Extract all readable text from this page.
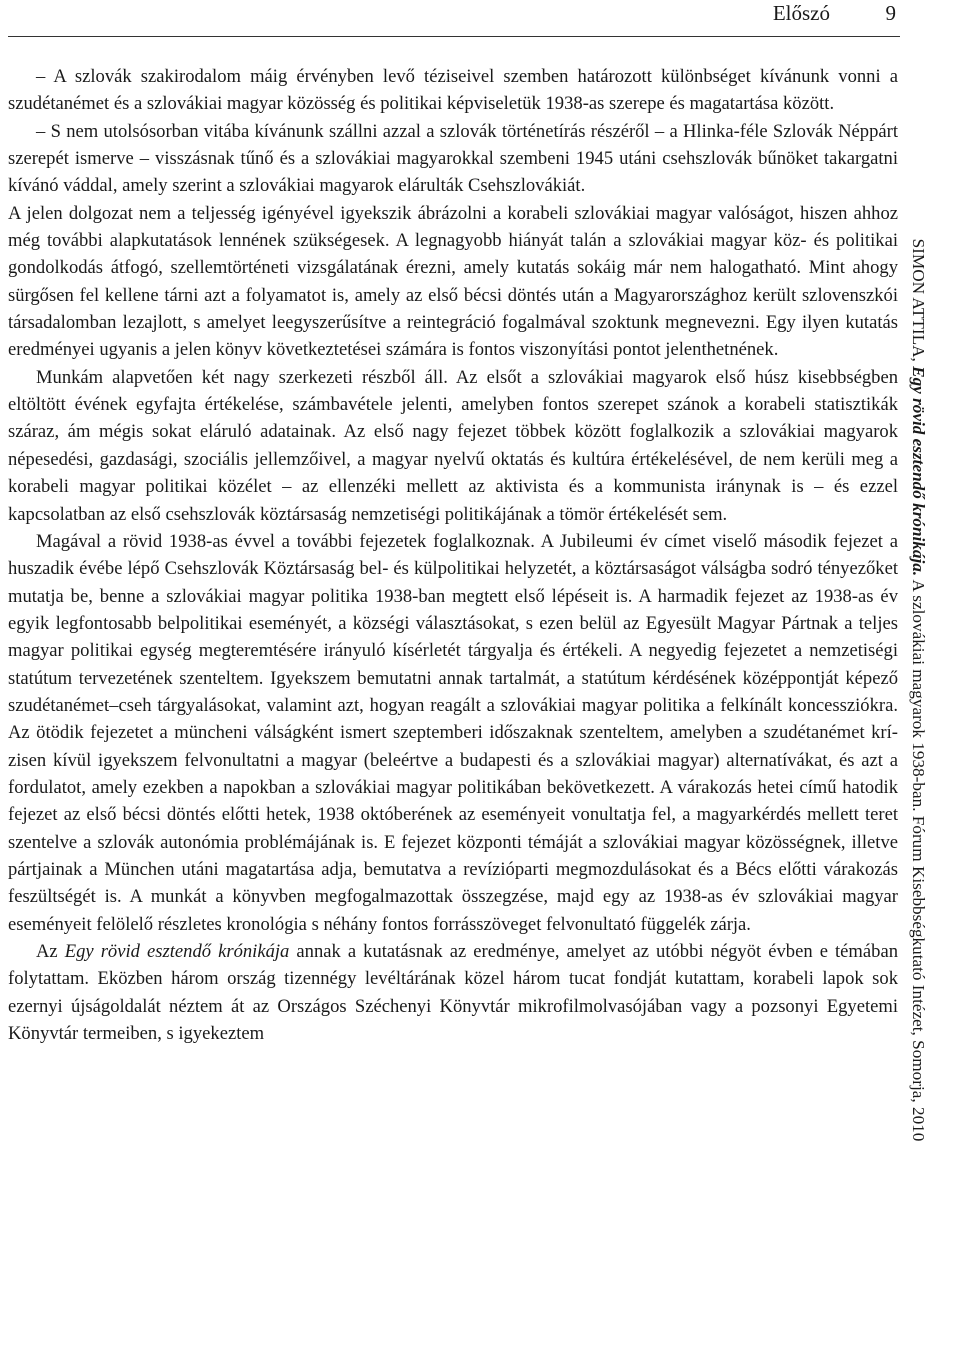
Előszó	9

– A szlovák szakirodalom máig érvényben levő téziseivel szemben határozott különbséget kívánunk vonni a szudétanémet és a szlovákiai magyar közösség és politikai képviseletük 1938-as szerepe és magatartása között.

– S nem utolsósorban vitába kívánunk szállni azzal a szlovák történetírás részéről – a Hlinka-féle Szlovák Néppárt szerepét ismerve – visszásnak tűnő és a szlovákiai magyarokkal szembeni 1945 utáni csehszlovák bűnöket takargatni kívánó váddal, amely szerint a szlovákiai magyarok elárulták Csehszlovákiát.

A jelen dolgozat nem a teljesség igényével igyekszik ábrázolni a korabeli szlovákiai magyar valóságot, hiszen ahhoz még további alapkutatások lennének szükségesek. A legnagyobb hiányát talán a szlovákiai magyar köz- és politikai gondolkodás átfogó, szellemtörténeti vizsgálatának érezni, amely kutatás sokáig már nem halogatható. Mint ahogy sürgősen fel kellene tárni azt a folyamatot is, amely az első bécsi döntés után a Magyarországhoz került szlovenszkói társadalomban lezajlott, s amelyet leegyszerűsítve a reintegráció fogalmával szoktunk megnevezni. Egy ilyen kutatás eredményei ugyanis a jelen könyv következtetései számára is fontos viszonyítási pontot jelenthetnének.

Munkám alapvetően két nagy szerkezeti részből áll. Az elsőt a szlovákiai magyarok első húsz kisebbségben eltöltött évének egyfajta értékelése, számbavétele jelenti, amelyben fontos szerepet szánok a korabeli statisztikák száraz, ám mégis sokat eláruló adatainak. Az első nagy fejezet többek között foglalkozik a szlovákiai magyarok népesedési, gazdasági, szociális jellemzőivel, a magyar nyelvű oktatás és kultúra értékelésével, de nem kerüli meg a korabeli magyar politikai közélet – az ellenzéki mellett az aktivista és a kommunista iránynak is – és ezzel kapcsolatban az első csehszlovák köztársaság nemzetiségi politikájának a tömör értékelését sem.

Magával a rövid 1938-as évvel a további fejezetek foglalkoznak. A Jubileumi év címet viselő második fejezet a huszadik évébe lépő Csehszlovák Köztársaság bel- és külpolitikai helyzetét, a köztársaságot válságba sodró tényezőket mutatja be, benne a szlovákiai magyar politika 1938-ban megtett első lépéseit is. A harmadik fejezet az 1938-as év egyik legfontosabb belpolitikai eseményét, a községi választásokat, s ezen belül az Egyesült Magyar Pártnak a teljes magyar politikai egység megteremtésére irányuló kísérletét tárgyalja és értékeli. A negyedig fejezetet a nemzetiségi statútum tervezetének szenteltem. Igyekszem bemutatni annak tartalmát, a statútum kérdésének középpontját képező szudétanémet–cseh tárgyalásokat, valamint azt, hogyan reagált a szlovákiai magyar politika a felkínált koncessziókra. Az ötödik fejezetet a müncheni válságként ismert szeptemberi időszaknak szenteltem, amelyben a szudétanémet krízisen kívül igyekszem felvonultatni a magyar (beleértve a budapesti és a szlovákiai magyar) alternatívákat, és azt a fordulatot, amely ezekben a napokban a szlovákiai magyar politikában bekövetkezett. A várakozás hetei című hatodik fejezet az első bécsi döntés előtti hetek, 1938 októberének az eseményeit vonultatja fel, a magyarkérdés mellett teret szentelve a szlovák autonómia problémájának is. E fejezet központi témáját a szlovákiai magyar közösségnek, illetve pártjainak a München utáni magatartása adja, bemutatva a revízióparti megmozdulásokat és a Bécs előtti várakozás feszültségét is. A munkát a könyvben megfogalmazottak összegzése, majd egy az 1938-as év szlovákiai magyar eseményeit felölelő részletes kronológia s néhány fontos forrásszöveget felvonultató függelék zárja.

Az Egy rövid esztendő krónikája annak a kutatásnak az eredménye, amelyet az utóbbi négyöt évben e témában folytattam. Eközben három ország tizennégy levéltárának közel három tucat fondját kutattam, korabeli lapok sok ezernyi újságoldalát néztem át az Országos Széchenyi Könyvtár mikrofilmolvasójában vagy a pozsonyi Egyetemi Könyvtár termeiben, s igyekeztem

SIMON ATTILA, Egy rövid esztendő krónikája. A szlovákiai magyarok 1938-ban. Fórum Kisebbségkutató Intézet, Somorja, 2010
